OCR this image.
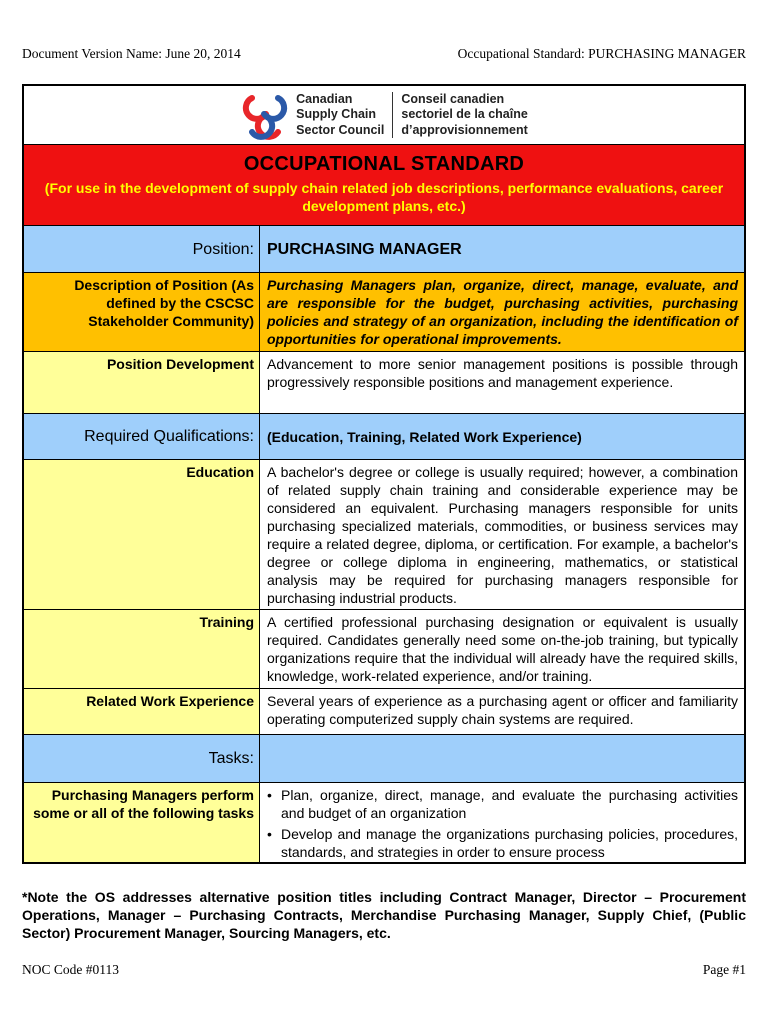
Document Version Name: June 20, 2014	Occupational Standard: PURCHASING MANAGER
Canadian
Supply Chain
Sector Council
Conseil canadien
sectoriel de la chaîne
d’approvisionnement
OCCUPATIONAL STANDARD
(For use in the development of supply chain related job descriptions, performance evaluations, career development plans, etc.)
Position: PURCHASING MANAGER
Description of Position (As defined by the CSCSC Stakeholder Community)
Purchasing Managers plan, organize, direct, manage, evaluate, and are responsible for the budget, purchasing activities, purchasing policies and strategy of an organization, including the identification of opportunities for operational improvements.
Position Development Advancement to more senior management positions is possible through progressively responsible positions and management experience.
Required Qualifications: (Education, Training, Related Work Experience)
Education A bachelor's degree or college is usually required; however, a combination of related supply chain training and considerable experience may be considered an equivalent. Purchasing managers responsible for units purchasing specialized materials, commodities, or business services may require a related degree, diploma, or certification. For example, a bachelor's degree or college diploma in engineering, mathematics, or statistical analysis may be required for purchasing managers responsible for purchasing industrial products.
Training A certified professional purchasing designation or equivalent is usually required. Candidates generally need some on-the-job training, but typically organizations require that the individual will already have the required skills, knowledge, work-related experience, and/or training.
Related Work Experience Several years of experience as a purchasing agent or officer and familiarity operating computerized supply chain systems are required.
Tasks:
Purchasing Managers perform some or all of the following tasks
• Plan, organize, direct, manage, and evaluate the purchasing activities and budget of an organization
• Develop and manage the organizations purchasing policies, procedures, standards, and strategies in order to ensure process
*Note the OS addresses alternative position titles including Contract Manager, Director – Procurement Operations, Manager – Purchasing Contracts, Merchandise Purchasing Manager, Supply Chief, (Public Sector) Procurement Manager, Sourcing Managers, etc.
NOC Code #0113	Page #1
